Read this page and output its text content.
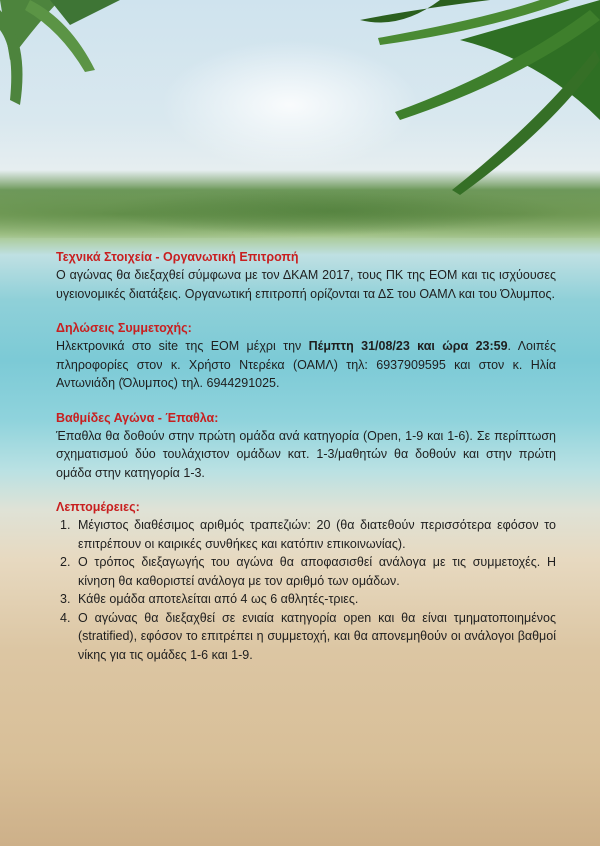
Τεχνικά Στοιχεία - Οργανωτική Επιτροπή
Ο αγώνας θα διεξαχθεί σύμφωνα με τον ΔΚΑΜ 2017, τους ΠΚ της ΕΟΜ και τις ισχύουσες υγειονομικές διατάξεις. Οργανωτική επιτροπή ορίζονται τα ΔΣ του ΟΑΜΛ και του Όλυμπος.
Δηλώσεις Συμμετοχής:
Ηλεκτρονικά στο site της ΕΟΜ μέχρι την Πέμπτη 31/08/23 και ώρα 23:59. Λοιπές πληροφορίες στον κ. Χρήστο Ντερέκα (ΟΑΜΛ) τηλ: 6937909595 και στον κ. Ηλία Αντωνιάδη (Όλυμπος) τηλ. 6944291025.
Βαθμίδες Αγώνα - Έπαθλα:
Έπαθλα θα δοθούν στην πρώτη ομάδα ανά κατηγορία (Open, 1-9 και 1-6). Σε περίπτωση σχηματισμού δύο τουλάχιστον ομάδων κατ. 1-3/μαθητών θα δοθούν και στην πρώτη ομάδα στην κατηγορία 1-3.
Λεπτομέρειες:
1. Μέγιστος διαθέσιμος αριθμός τραπεζιών: 20 (θα διατεθούν περισσότερα εφόσον το επιτρέπουν οι καιρικές συνθήκες και κατόπιν επικοινωνίας).
2. Ο τρόπος διεξαγωγής του αγώνα θα αποφασισθεί ανάλογα με τις συμμετοχές. Η κίνηση θα καθοριστεί ανάλογα με τον αριθμό των ομάδων.
3. Κάθε ομάδα αποτελείται από 4 ως 6 αθλητές-τριες.
4. Ο αγώνας θα διεξαχθεί σε ενιαία κατηγορία open και θα είναι τμηματοποιημένος (stratified), εφόσον το επιτρέπει η συμμετοχή, και θα απονεμηθούν οι ανάλογοι βαθμοί νίκης για τις ομάδες 1-6 και 1-9.
